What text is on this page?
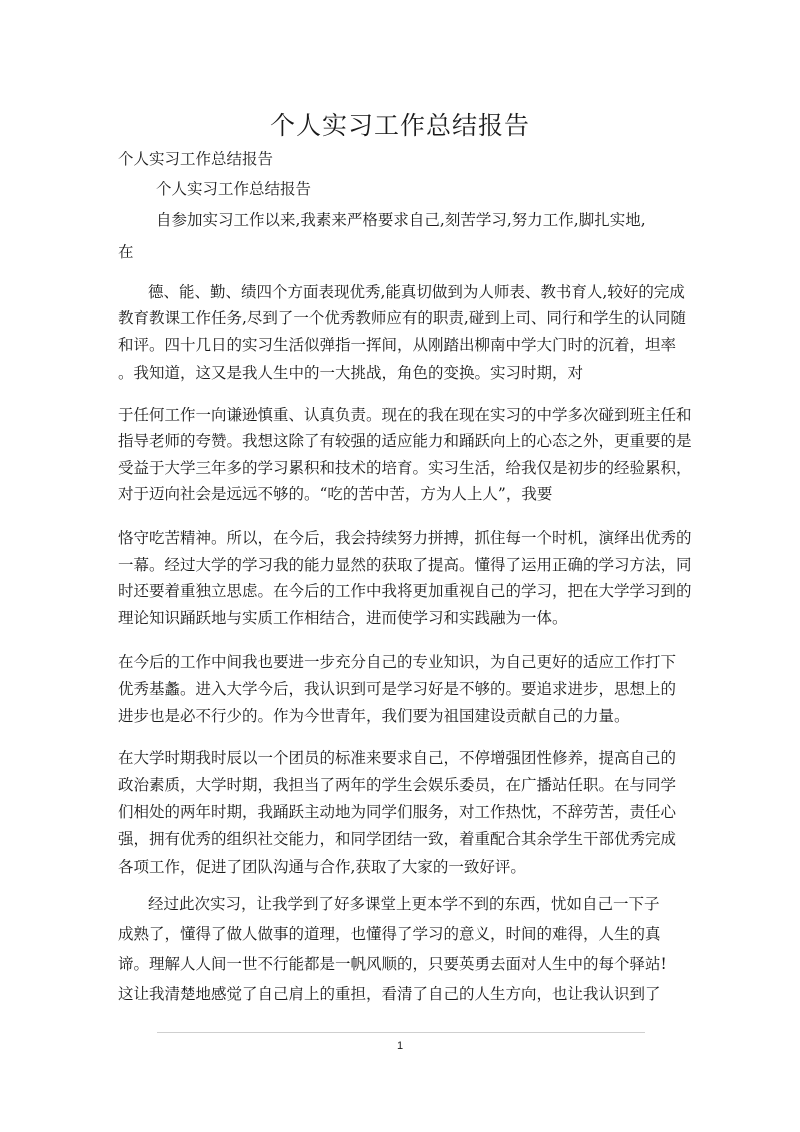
个人实习工作总结报告
个人实习工作总结报告
个人实习工作总结报告
自参加实习工作以来,我素来严格要求自己,刻苦学习,努力工作,脚扎实地,
在
德、能、勤、绩四个方面表现优秀,能真切做到为人师表、教书育人,较好的完成
教育教课工作任务,尽到了一个优秀教师应有的职责,碰到上司、同行和学生的认同随
和评。四十几日的实习生活似弹指一挥间，从刚踏出柳南中学大门时的沉着，坦率
。我知道，这又是我人生中的一大挑战，角色的变换。实习时期，对
于任何工作一向谦逊慎重、认真负责。现在的我在现在实习的中学多次碰到班主任和
指导老师的夸赞。我想这除了有较强的适应能力和踊跃向上的心态之外，更重要的是
受益于大学三年多的学习累积和技术的培育。实习生活，给我仅是初步的经验累积，
对于迈向社会是远远不够的。“吃的苦中苦，方为人上人”，我要
恪守吃苦精神。所以，在今后，我会持续努力拼搏，抓住每一个时机，演绎出优秀的
一幕。经过大学的学习我的能力显然的获取了提高。懂得了运用正确的学习方法，同
时还要着重独立思虑。在今后的工作中我将更加重视自己的学习，把在大学学习到的
理论知识踊跃地与实质工作相结合，进而使学习和实践融为一体。
在今后的工作中间我也要进一步充分自己的专业知识，为自己更好的适应工作打下
优秀基蠡。进入大学今后，我认识到可是学习好是不够的。要追求进步，思想上的
进步也是必不行少的。作为今世青年，我们要为祖国建设贡献自己的力量。
在大学时期我时辰以一个团员的标准来要求自己，不停增强团性修养，提高自己的
政治素质，大学时期，我担当了两年的学生会娱乐委员，在广播站任职。在与同学
们相处的两年时期，我踊跃主动地为同学们服务，对工作热忱，不辞劳苦，责任心
强，拥有优秀的组织社交能力，和同学团结一致，着重配合其余学生干部优秀完成
各项工作，促进了团队沟通与合作,获取了大家的一致好评。
经过此次实习，让我学到了好多课堂上更本学不到的东西，忧如自己一下子
成熟了，懂得了做人做事的道理，也懂得了学习的意义，时间的难得，人生的真
谛。理解人人间一世不行能都是一帆风顺的，只要英勇去面对人生中的每个驿站!
这让我清楚地感觉了自己肩上的重担，看清了自己的人生方向，也让我认识到了
1
